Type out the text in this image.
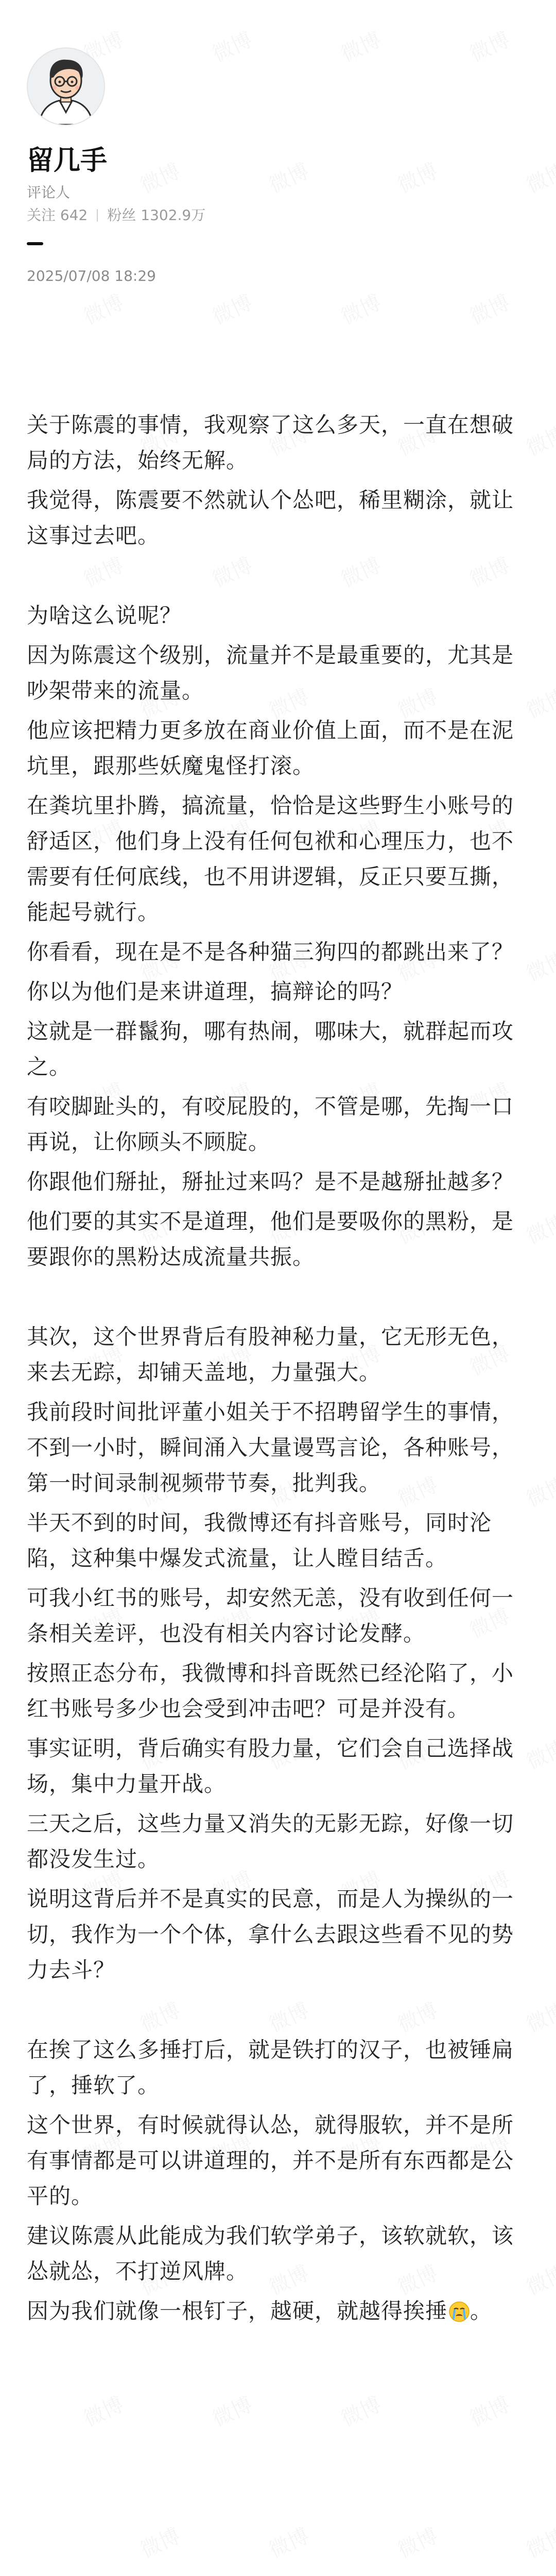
留几手
评论人
关注 642 粉丝 1302.9万
2025/07/08 18:29

关于陈震的事情，我观察了这么多天，一直在想破局的方法，始终无解。

我觉得，陈震要不然就认个怂吧，稀里糊涂，就让这事过去吧。

为啥这么说呢？

因为陈震这个级别，流量并不是最重要的，尤其是吵架带来的流量。

他应该把精力更多放在商业价值上面，而不是在泥坑里，跟那些妖魔鬼怪打滚。

在粪坑里扑腾，搞流量，恰恰是这些野生小账号的舒适区，他们身上没有任何包袱和心理压力，也不需要有任何底线，也不用讲逻辑，反正只要互撕，能起号就行。

你看看，现在是不是各种猫三狗四的都跳出来了？

你以为他们是来讲道理，搞辩论的吗？

这就是一群鬣狗，哪有热闹，哪味大，就群起而攻之。

有咬脚趾头的，有咬屁股的，不管是哪，先掏一口再说，让你顾头不顾腚。

你跟他们掰扯，掰扯过来吗？是不是越掰扯越多？

他们要的其实不是道理，他们是要吸你的黑粉，是要跟你的黑粉达成流量共振。

其次，这个世界背后有股神秘力量，它无形无色，来去无踪，却铺天盖地，力量强大。

我前段时间批评董小姐关于不招聘留学生的事情，不到一小时，瞬间涌入大量谩骂言论，各种账号，第一时间录制视频带节奏，批判我。

半天不到的时间，我微博还有抖音账号，同时沦陷，这种集中爆发式流量，让人瞠目结舌。

可我小红书的账号，却安然无恙，没有收到任何一条相关差评，也没有相关内容讨论发酵。

按照正态分布，我微博和抖音既然已经沦陷了，小红书账号多少也会受到冲击吧？可是并没有。

事实证明，背后确实有股力量，它们会自己选择战场，集中力量开战。

三天之后，这些力量又消失的无影无踪，好像一切都没发生过。

说明这背后并不是真实的民意，而是人为操纵的一切，我作为一个个体，拿什么去跟这些看不见的势力去斗？

在挨了这么多捶打后，就是铁打的汉子，也被锤扁了，捶软了。

这个世界，有时候就得认怂，就得服软，并不是所有事情都是可以讲道理的，并不是所有东西都是公平的。

建议陈震从此能成为我们软学弟子，该软就软，该怂就怂，不打逆风牌。

因为我们就像一根钉子，越硬，就越得挨捶 。
